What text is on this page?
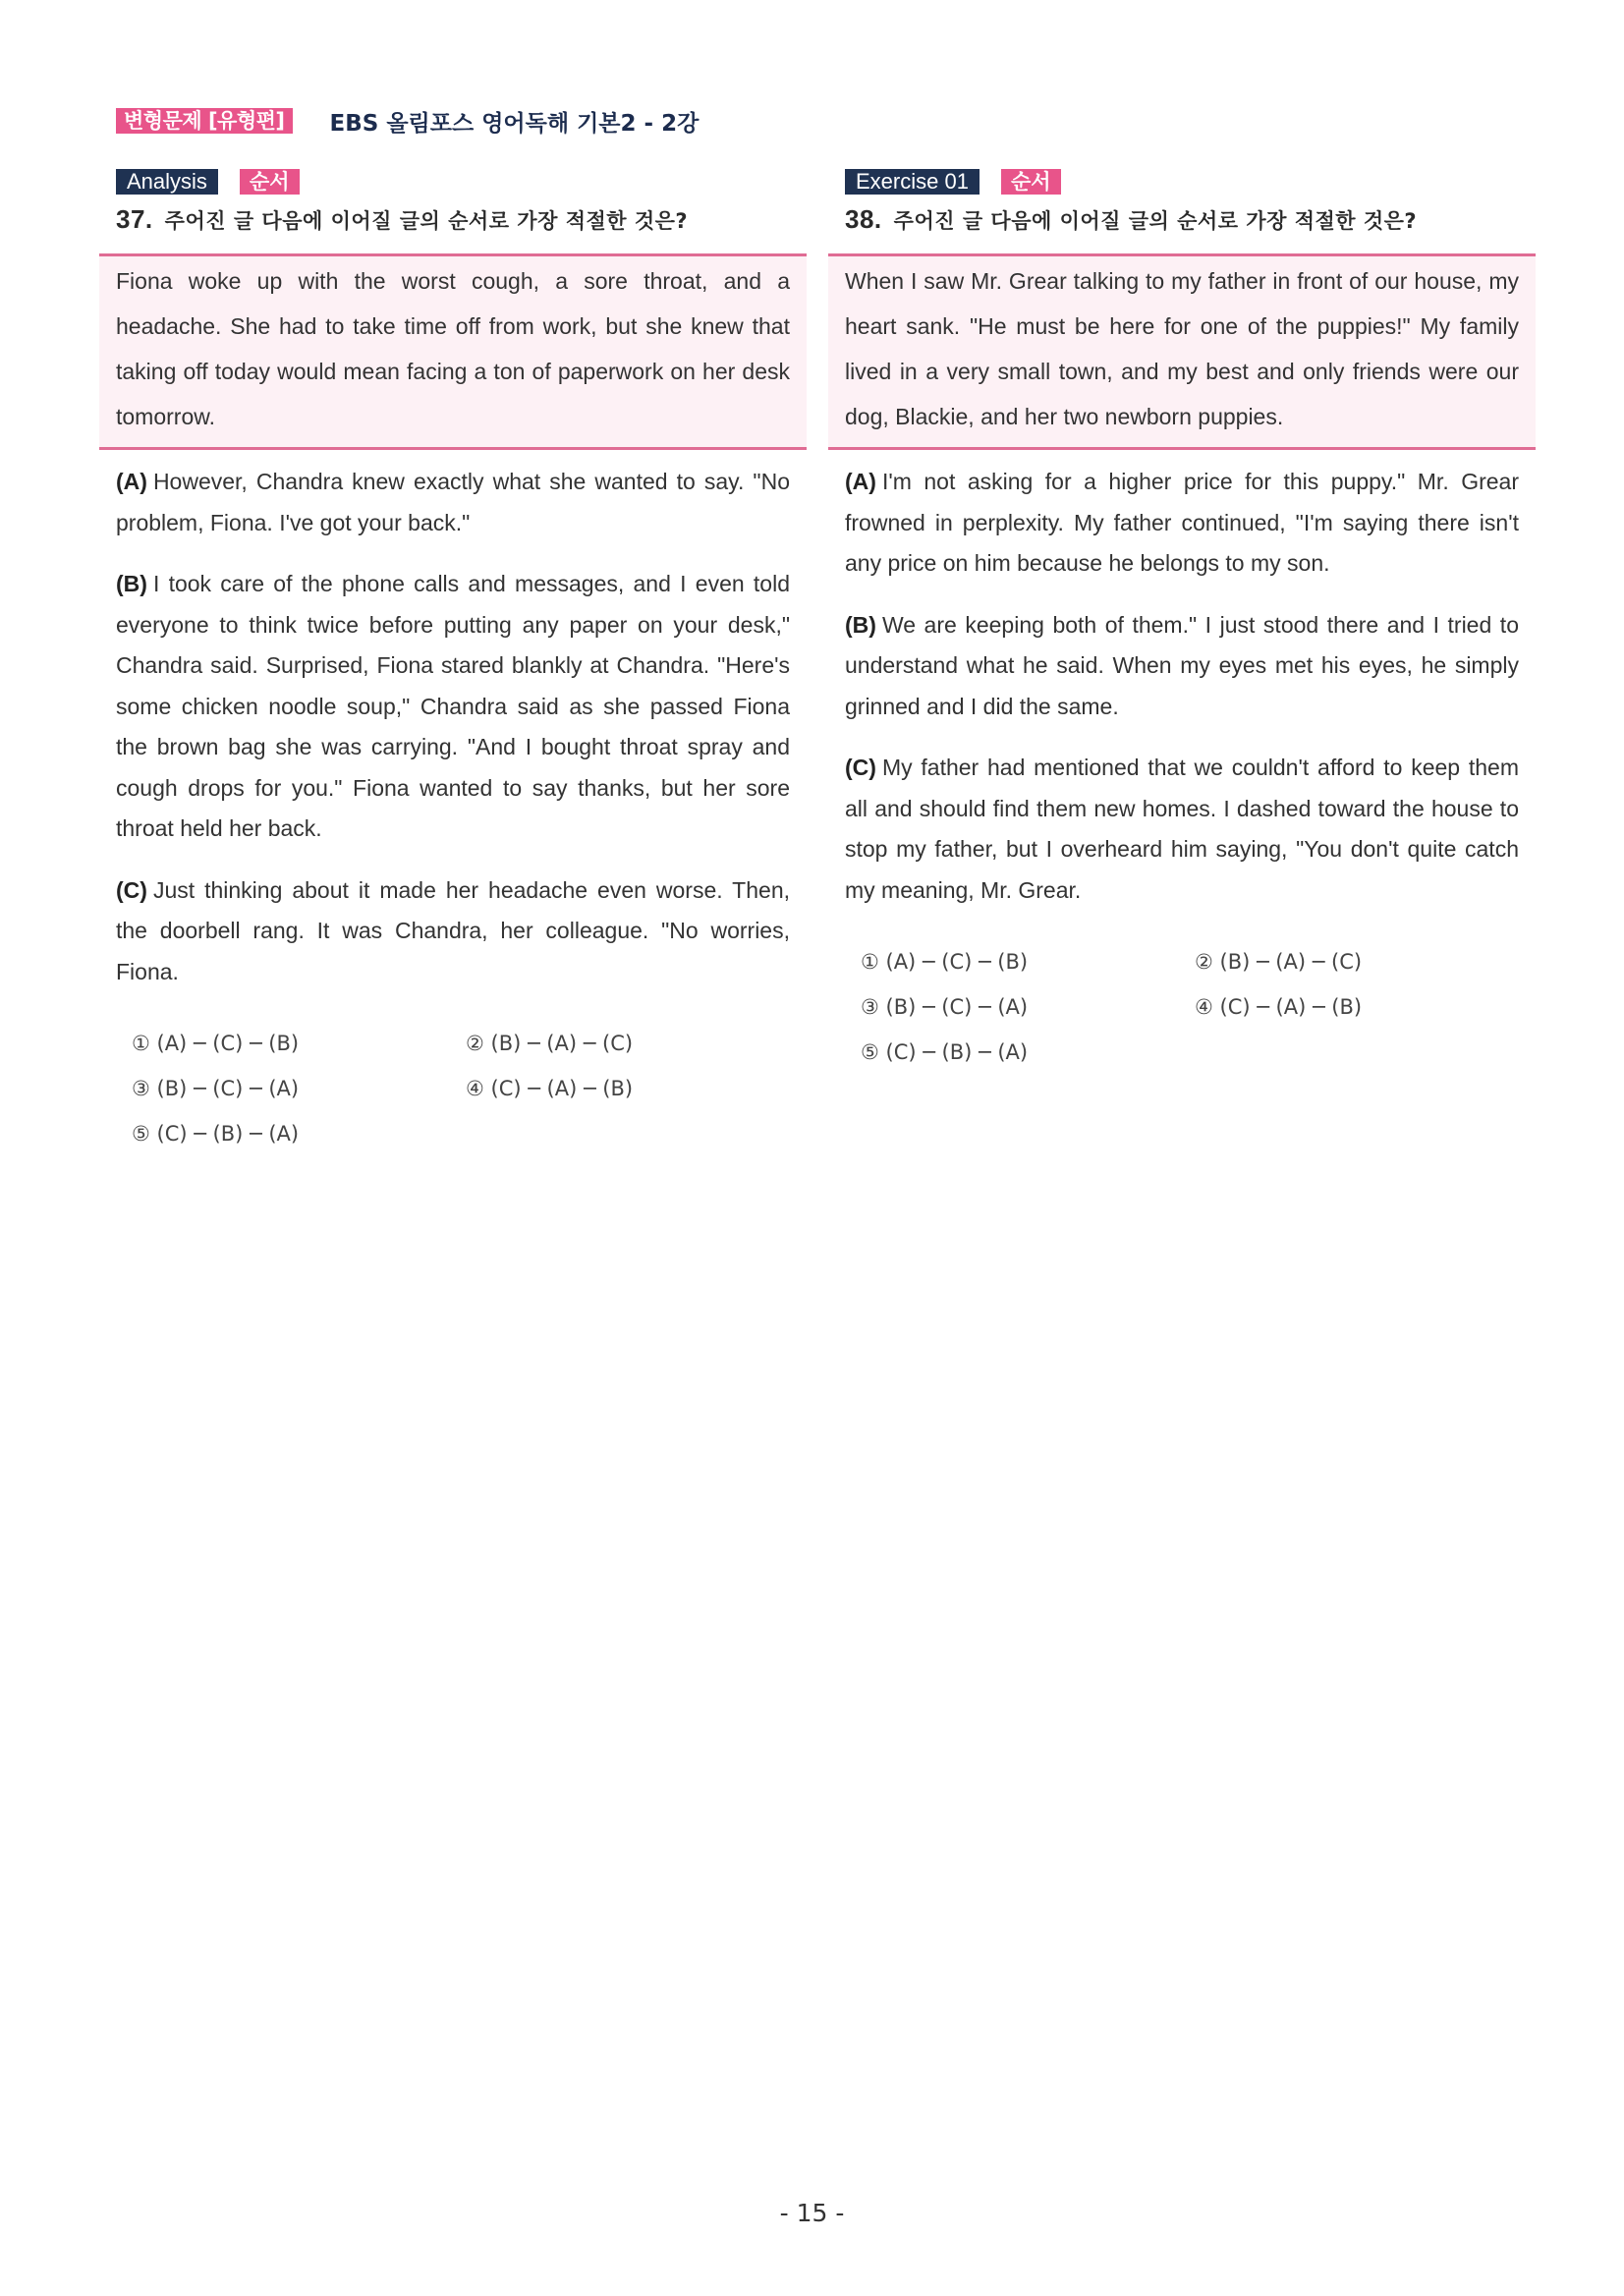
변형문제 [유형편]	EBS 올림포스 영어독해 기본2 - 2강
Analysis	순서
37. 주어진 글 다음에 이어질 글의 순서로 가장 적절한 것은?
Fiona woke up with the worst cough, a sore throat, and a headache. She had to take time off from work, but she knew that taking off today would mean facing a ton of paperwork on her desk tomorrow.
(A) However, Chandra knew exactly what she wanted to say. "No problem, Fiona. I've got your back."
(B) I took care of the phone calls and messages, and I even told everyone to think twice before putting any paper on your desk," Chandra said. Surprised, Fiona stared blankly at Chandra. "Here's some chicken noodle soup," Chandra said as she passed Fiona the brown bag she was carrying. "And I bought throat spray and cough drops for you." Fiona wanted to say thanks, but her sore throat held her back.
(C) Just thinking about it made her headache even worse. Then, the doorbell rang. It was Chandra, her colleague. "No worries, Fiona.
① (A) ─ (C) ─ (B)	② (B) ─ (A) ─ (C)
③ (B) ─ (C) ─ (A)	④ (C) ─ (A) ─ (B)
⑤ (C) ─ (B) ─ (A)
Exercise 01	순서
38. 주어진 글 다음에 이어질 글의 순서로 가장 적절한 것은?
When I saw Mr. Grear talking to my father in front of our house, my heart sank. "He must be here for one of the puppies!" My family lived in a very small town, and my best and only friends were our dog, Blackie, and her two newborn puppies.
(A) I'm not asking for a higher price for this puppy." Mr. Grear frowned in perplexity. My father continued, "I'm saying there isn't any price on him because he belongs to my son.
(B) We are keeping both of them." I just stood there and I tried to understand what he said. When my eyes met his eyes, he simply grinned and I did the same.
(C) My father had mentioned that we couldn't afford to keep them all and should find them new homes. I dashed toward the house to stop my father, but I overheard him saying, "You don't quite catch my meaning, Mr. Grear.
① (A) ─ (C) ─ (B)	② (B) ─ (A) ─ (C)
③ (B) ─ (C) ─ (A)	④ (C) ─ (A) ─ (B)
⑤ (C) ─ (B) ─ (A)
- 15 -
